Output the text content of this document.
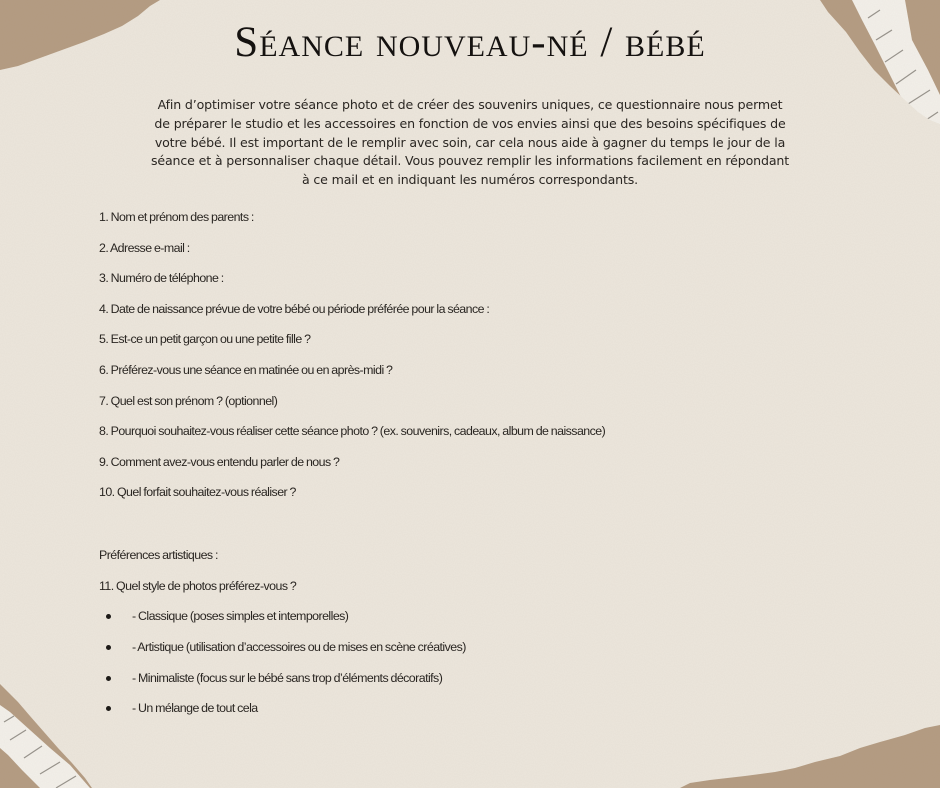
Séance nouveau-né / bébé
Afin d’optimiser votre séance photo et de créer des souvenirs uniques, ce questionnaire nous permet de préparer le studio et les accessoires en fonction de vos envies ainsi que des besoins spécifiques de votre bébé. Il est important de le remplir avec soin, car cela nous aide à gagner du temps le jour de la séance et à personnaliser chaque détail. Vous pouvez remplir les informations facilement en répondant à ce mail et en indiquant les numéros correspondants.
1. Nom et prénom des parents :
2. Adresse e-mail :
3. Numéro de téléphone :
4. Date de naissance prévue de votre bébé ou période préférée pour la séance :
5. Est-ce un petit garçon ou une petite fille ?
6. Préférez-vous une séance en matinée ou en après-midi ?
7. Quel est son prénom ? (optionnel)
8. Pourquoi souhaitez-vous réaliser cette séance photo ? (ex. souvenirs, cadeaux, album de naissance)
9. Comment avez-vous entendu parler de nous ?
10. Quel forfait souhaitez-vous réaliser ?
Préférences artistiques :
11. Quel style de photos préférez-vous ?
- Classique (poses simples et intemporelles)
- Artistique (utilisation d’accessoires ou de mises en scène créatives)
- Minimaliste (focus sur le bébé sans trop d’éléments décoratifs)
- Un mélange de tout cela
